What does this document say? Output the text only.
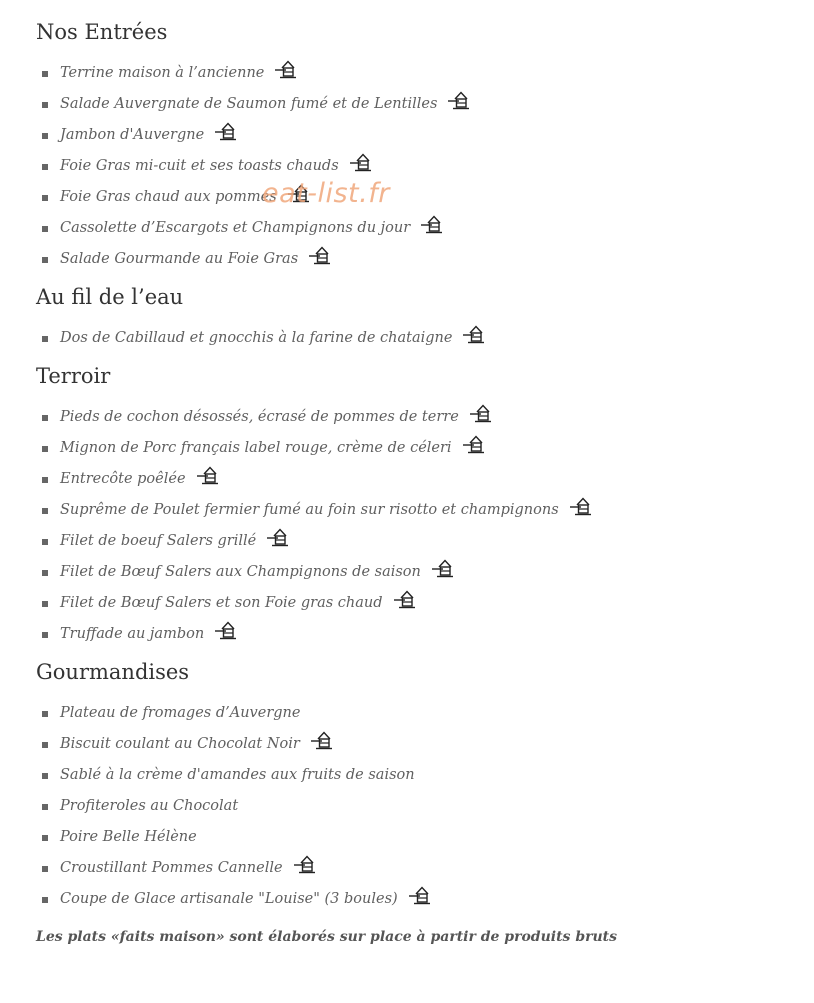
Nos Entrées
Terrine maison à l’ancienne
Salade Auvergnate de Saumon fumé et de Lentilles
Jambon d'Auvergne
Foie Gras mi-cuit et ses toasts chauds
Foie Gras chaud aux pommes
Cassolette d’Escargots et Champignons du jour
Salade Gourmande au Foie Gras
Au fil de l’eau
Dos de Cabillaud et gnocchis à la farine de chataigne
Terroir
Pieds de cochon désossés, écrasé de pommes de terre
Mignon de Porc français label rouge, crème de céleri
Entrecôte poêlée
Suprême de Poulet fermier fumé au foin sur risotto et champignons
Filet de boeuf Salers grillé
Filet de Bœuf Salers aux Champignons de saison
Filet de Bœuf Salers et son Foie gras chaud
Truffade au jambon
Gourmandises
Plateau de fromages d’Auvergne
Biscuit coulant au Chocolat Noir
Sablé à la crème d'amandes aux fruits de saison
Profiteroles au Chocolat
Poire Belle Hélène
Croustillant Pommes Cannelle
Coupe de Glace artisanale "Louise" (3 boules)
Les plats «faits maison» sont élaborés sur place à partir de produits bruts
eat-list.fr
